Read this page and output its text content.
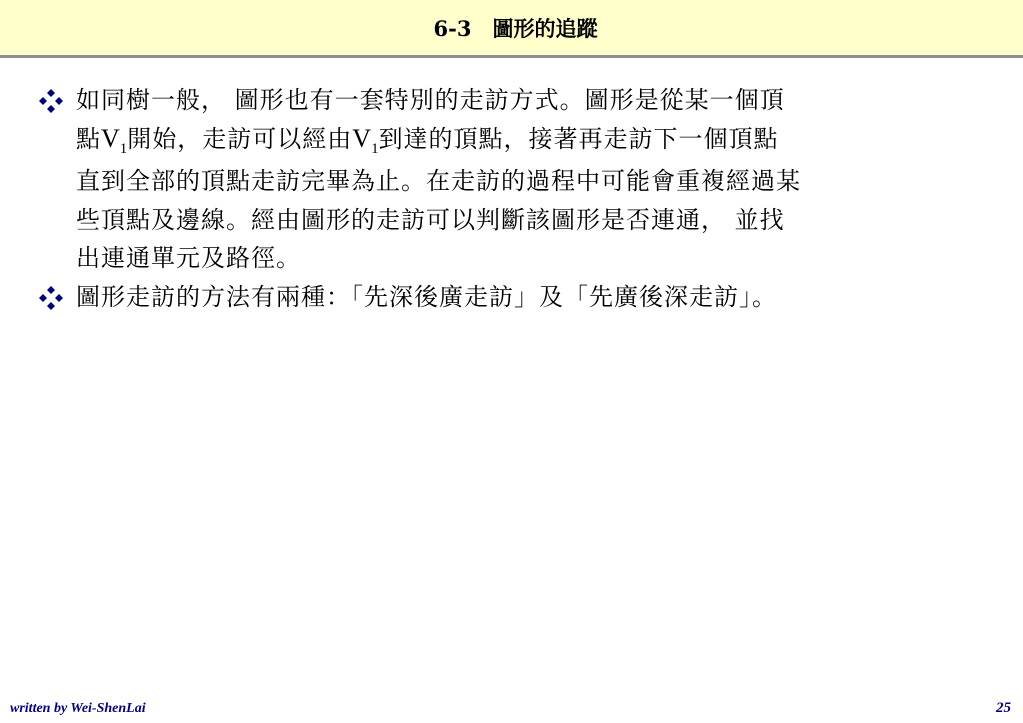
6-3　圖形的追蹤
如同樹一般， 圖形也有一套特別的走訪方式。圖形是從某一個頂
點$V_1$開始，走訪可以經由$V_1$到達的頂點，接著再走訪下一個頂點
直到全部的頂點走訪完畢為止。在走訪的過程中可能會重複經過某
些頂點及邊線。經由圖形的走訪可以判斷該圖形是否連通， 並找
出連通單元及路徑。
圖形走訪的方法有兩種：「先深後廣走訪」及「先廣後深走訪」。
written by Wei-ShenLai	25
